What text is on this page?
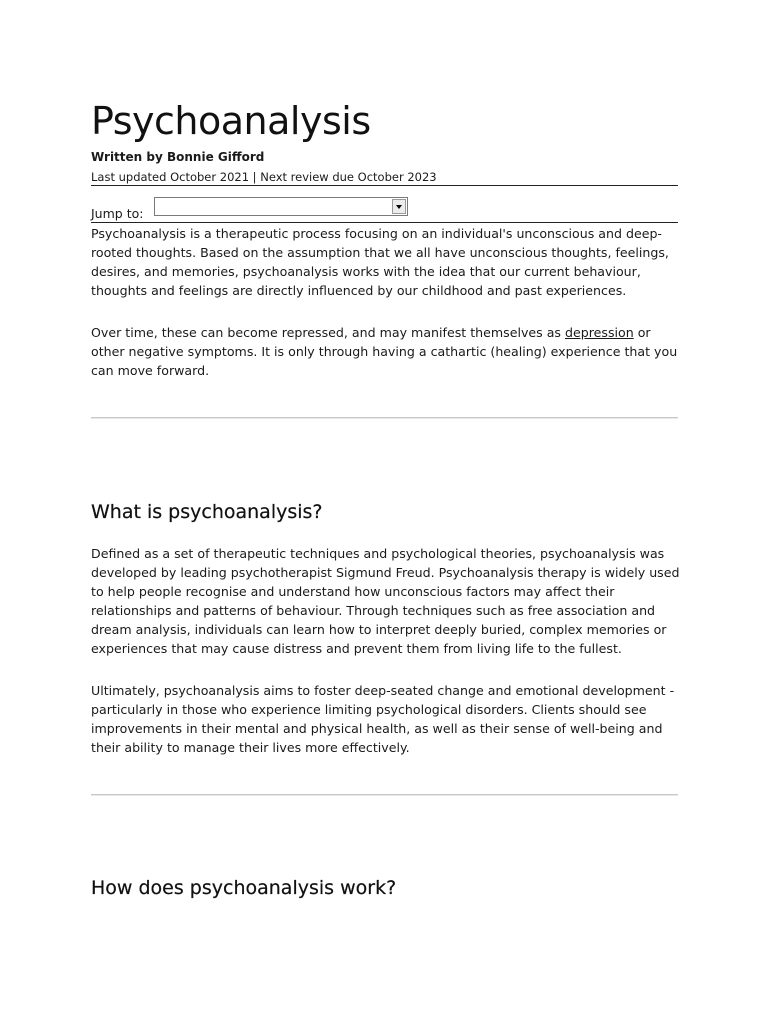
Psychoanalysis
Written by Bonnie Gifford
Last updated October 2021 | Next review due October 2023
Jump to:

Psychoanalysis is a therapeutic process focusing on an individual's unconscious and deep-rooted thoughts. Based on the assumption that we all have unconscious thoughts, feelings, desires, and memories, psychoanalysis works with the idea that our current behaviour, thoughts and feelings are directly influenced by our childhood and past experiences.

Over time, these can become repressed, and may manifest themselves as depression or other negative symptoms. It is only through having a cathartic (healing) experience that you can move forward.

What is psychoanalysis?

Defined as a set of therapeutic techniques and psychological theories, psychoanalysis was developed by leading psychotherapist Sigmund Freud. Psychoanalysis therapy is widely used to help people recognise and understand how unconscious factors may affect their relationships and patterns of behaviour. Through techniques such as free association and dream analysis, individuals can learn how to interpret deeply buried, complex memories or experiences that may cause distress and prevent them from living life to the fullest.

Ultimately, psychoanalysis aims to foster deep-seated change and emotional development - particularly in those who experience limiting psychological disorders. Clients should see improvements in their mental and physical health, as well as their sense of well-being and their ability to manage their lives more effectively.

How does psychoanalysis work?
